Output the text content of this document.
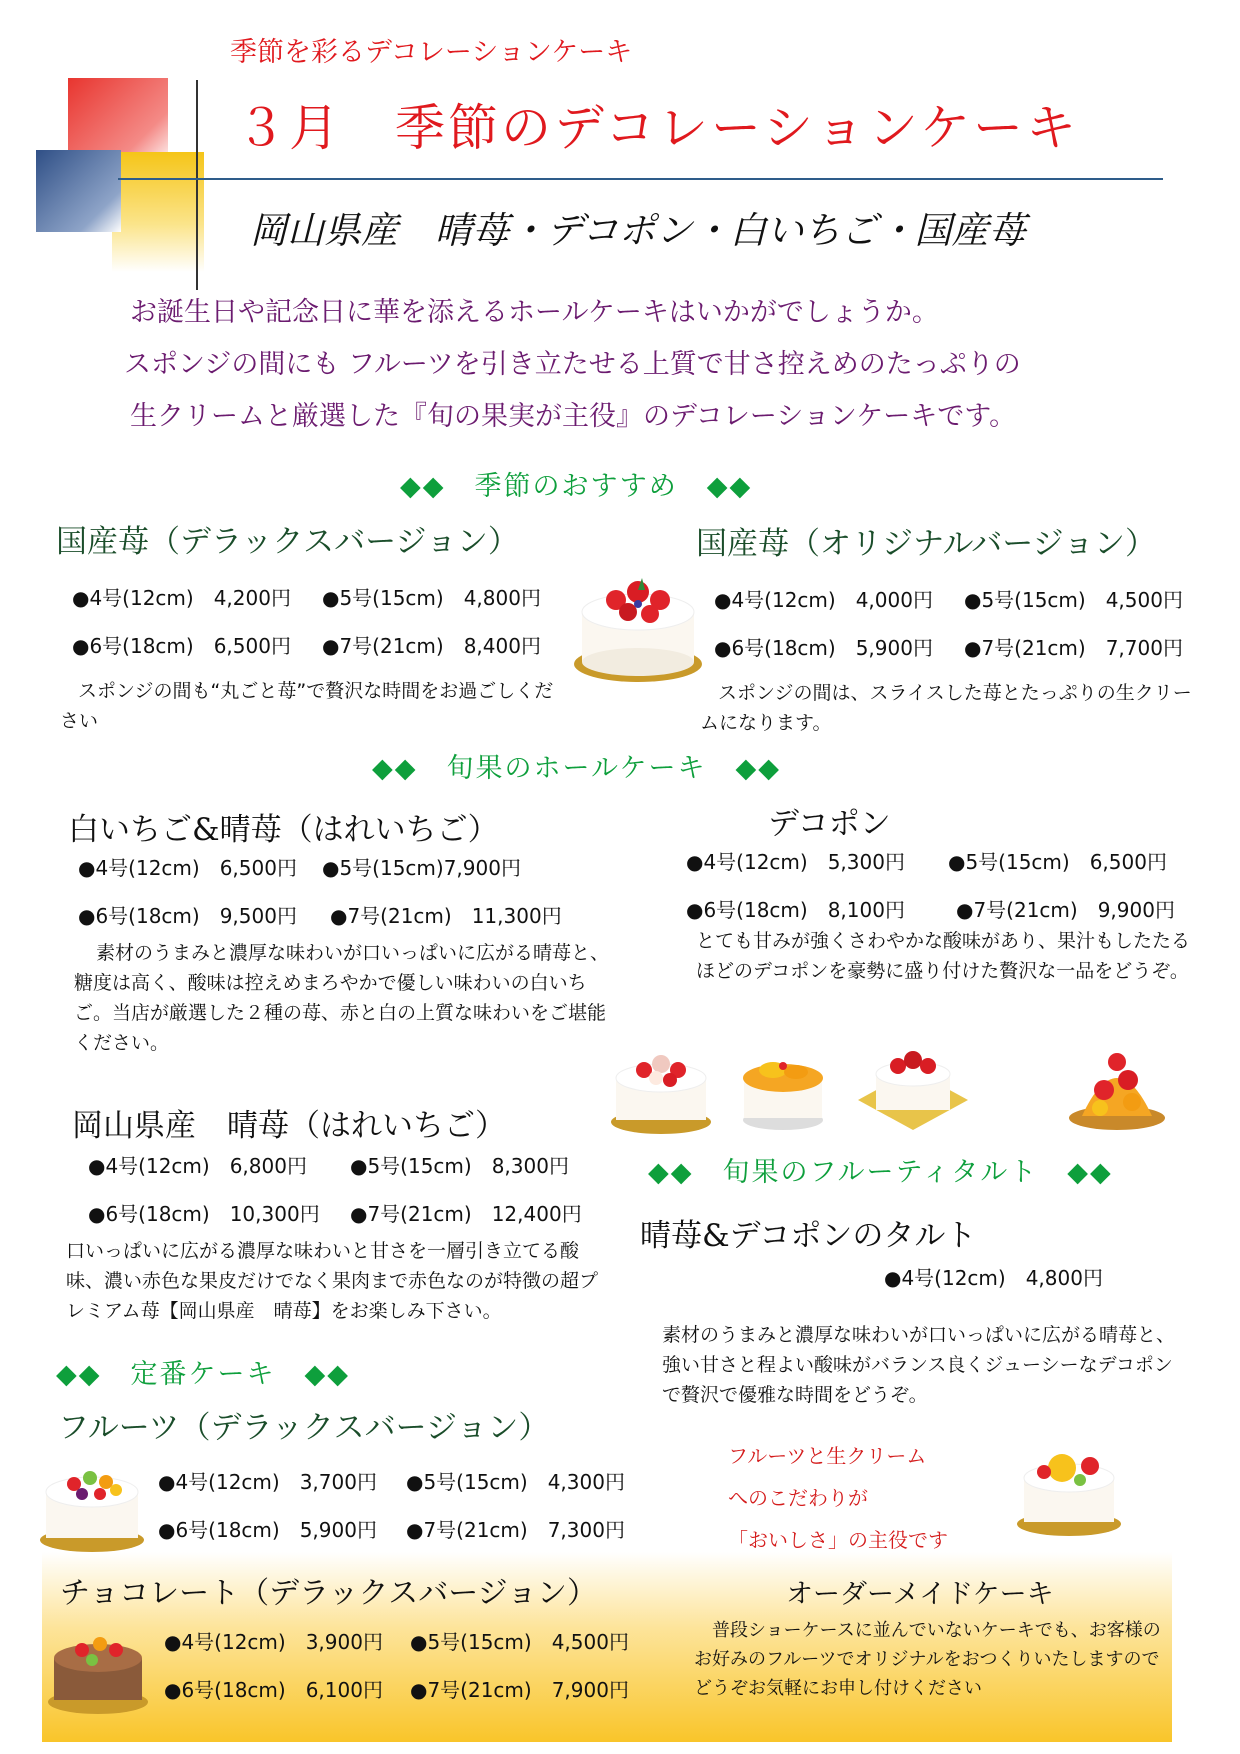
季節を彩るデコレーションケーキ
３月　季節のデコレーションケーキ
岡山県産　晴苺・デコポン・白いちご・国産苺
お誕生日や記念日に華を添えるホールケーキはいかがでしょうか。
スポンジの間にも フルーツを引き立たせる上質で甘さ控えめのたっぷりの
生クリームと厳選した『旬の果実が主役』のデコレーションケーキです。
◆◆　季節のおすすめ　◆◆
国産苺（デラックスバージョン）
●4号(12cm)　4,200円 ●5号(15cm)　4,800円
●6号(18cm)　6,500円 ●7号(21cm)　8,400円
スポンジの間も“丸ごと苺”で贅沢な時間をお過ごしください
国産苺（オリジナルバージョン）
●4号(12cm)　4,000円 ●5号(15cm)　4,500円
●6号(18cm)　5,900円 ●7号(21cm)　7,700円
スポンジの間は、スライスした苺とたっぷりの生クリームになります。
◆◆　旬果のホールケーキ　◆◆
白いちご&晴苺（はれいちご）
●4号(12cm)　6,500円 ●5号(15cm)7,900円
●6号(18cm)　9,500円 ●7号(21cm)　11,300円
素材のうまみと濃厚な味わいが口いっぱいに広がる晴苺と、糖度は高く、酸味は控えめまろやかで優しい味わいの白いちご。当店が厳選した２種の苺、赤と白の上質な味わいをご堪能ください。
デコポン
●4号(12cm)　5,300円 ●5号(15cm)　6,500円
●6号(18cm)　8,100円	●7号(21cm)　9,900円
とても甘みが強くさわやかな酸味があり、果汁もしたたるほどのデコポンを豪勢に盛り付けた贅沢な一品をどうぞ。
岡山県産　晴苺（はれいちご）
●4号(12cm)　6,800円 ●5号(15cm)　8,300円
●6号(18cm)　10,300円 ●7号(21cm)　12,400円
口いっぱいに広がる濃厚な味わいと甘さを一層引き立てる酸味、濃い赤色な果皮だけでなく果肉まで赤色なのが特徴の超プレミアム苺【岡山県産　晴苺】をお楽しみ下さい。
◆◆　旬果のフルーティタルト　◆◆
晴苺&デコポンのタルト
●4号(12cm)　4,800円
素材のうまみと濃厚な味わいが口いっぱいに広がる晴苺と、強い甘さと程よい酸味がバランス良くジューシーなデコポンで贅沢で優雅な時間をどうぞ。
◆◆　定番ケーキ　◆◆
フルーツ（デラックスバージョン）
●4号(12cm)　3,700円 ●5号(15cm)　4,300円
●6号(18cm)　5,900円 ●7号(21cm)　7,300円
フルーツと生クリーム
へのこだわりが
「おいしさ」の主役です
チョコレート（デラックスバージョン）
●4号(12cm)　3,900円 ●5号(15cm)　4,500円
●6号(18cm)　6,100円 ●7号(21cm)　7,900円
オーダーメイドケーキ
普段ショーケースに並んでいないケーキでも、お客様のお好みのフルーツでオリジナルをおつくりいたしますのでどうぞお気軽にお申し付けください
